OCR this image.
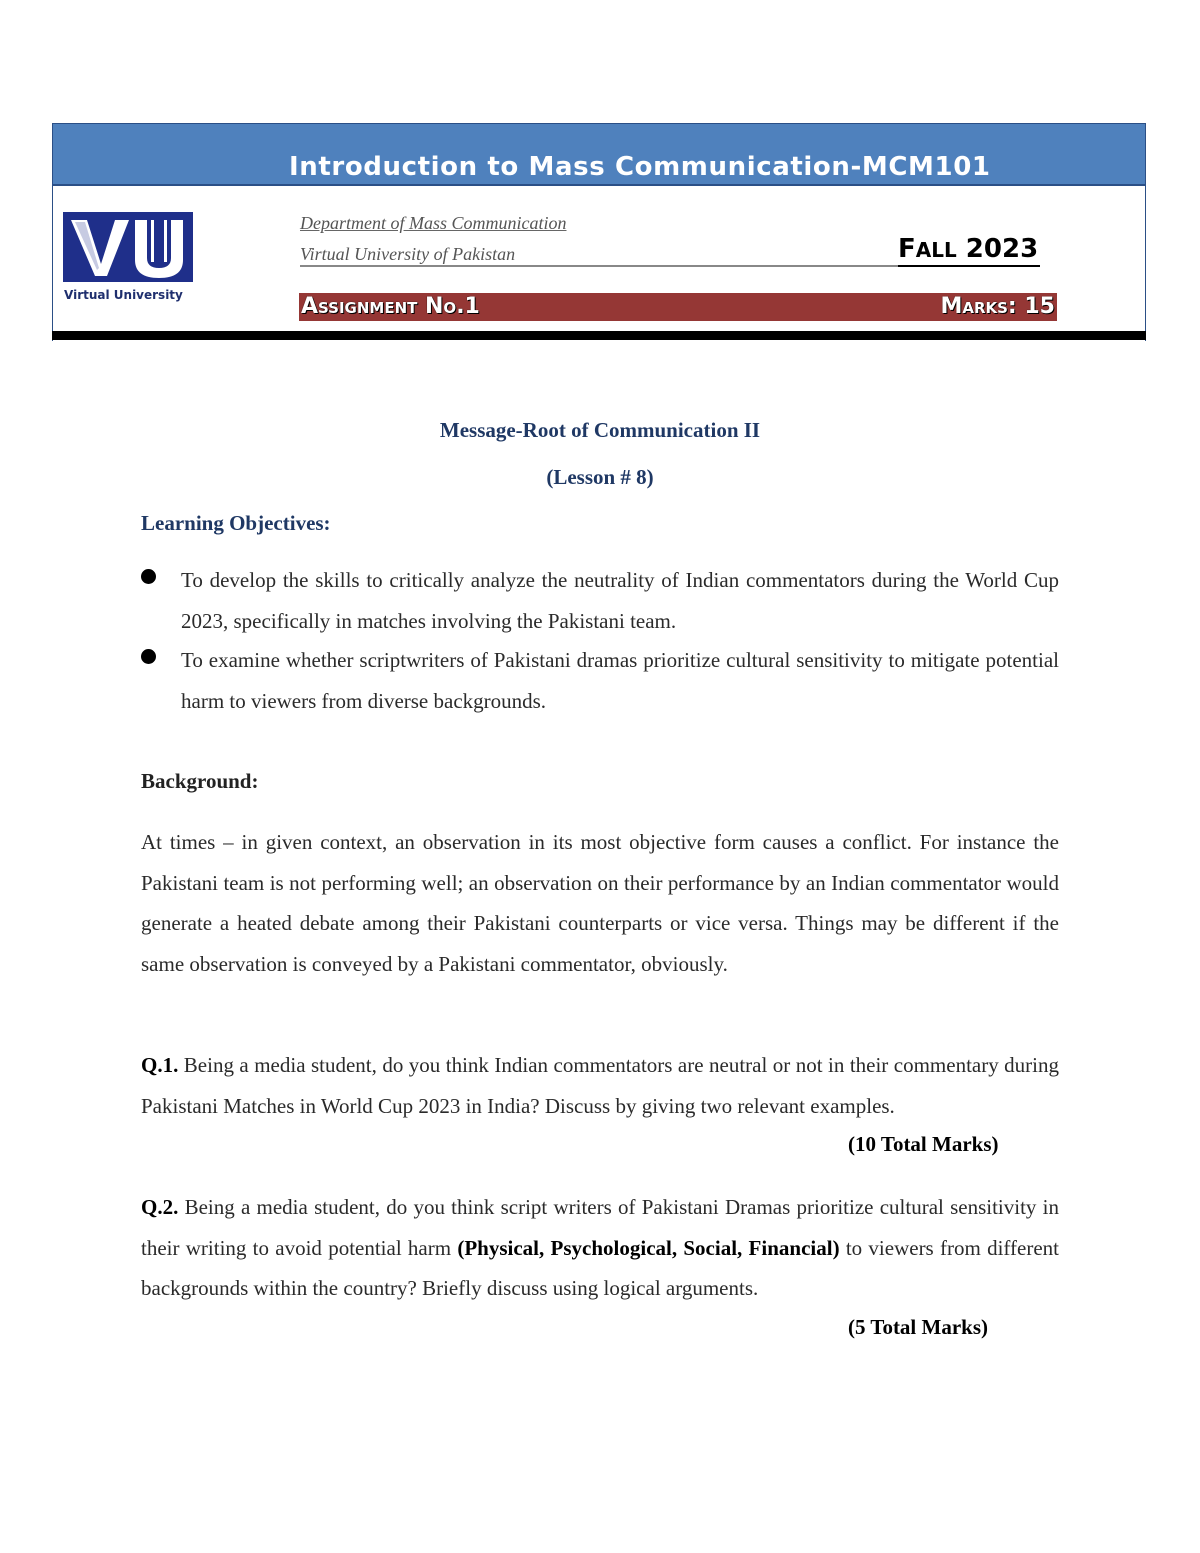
Introduction to Mass Communication-MCM101
Virtual University
Department of Mass Communication
Virtual University of Pakistan	FALL 2023
Assignment No.1	Marks: 15
Message-Root of Communication II
(Lesson # 8)
Learning Objectives:
To develop the skills to critically analyze the neutrality of Indian commentators during the World Cup 2023, specifically in matches involving the Pakistani team.
To examine whether scriptwriters of Pakistani dramas prioritize cultural sensitivity to mitigate potential harm to viewers from diverse backgrounds.
Background:
At times – in given context, an observation in its most objective form causes a conflict. For instance the Pakistani team is not performing well; an observation on their performance by an Indian commentator would generate a heated debate among their Pakistani counterparts or vice versa. Things may be different if the same observation is conveyed by a Pakistani commentator, obviously.
Q.1. Being a media student, do you think Indian commentators are neutral or not in their commentary during Pakistani Matches in World Cup 2023 in India? Discuss by giving two relevant examples.
(10 Total Marks)
Q.2. Being a media student, do you think script writers of Pakistani Dramas prioritize cultural sensitivity in their writing to avoid potential harm (Physical, Psychological, Social, Financial) to viewers from different backgrounds within the country? Briefly discuss using logical arguments.
(5 Total Marks)
